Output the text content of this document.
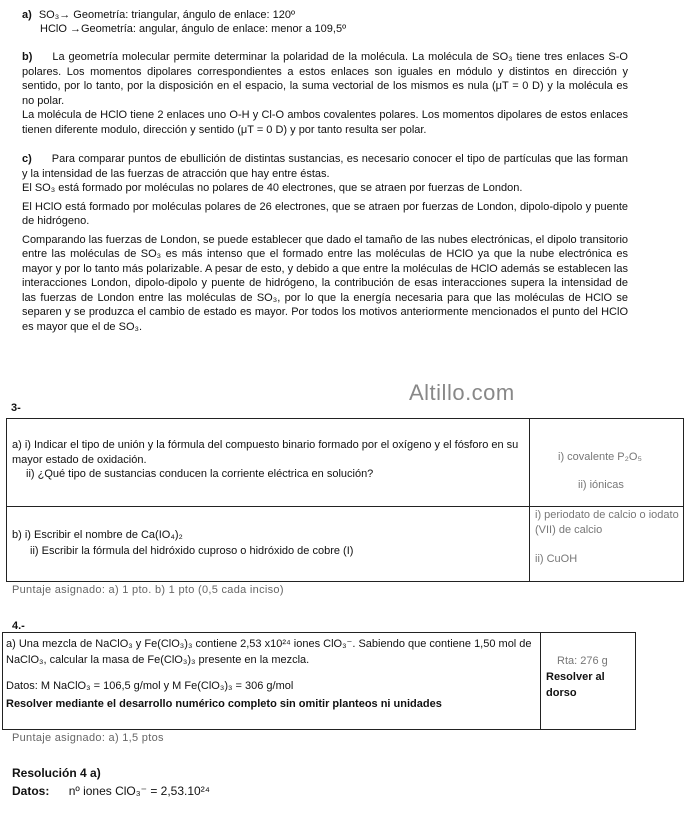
a) SO₃→ Geometría: triangular, ángulo de enlace: 120º
HClO →Geometría: angular, ángulo de enlace: menor a 109,5º
b) La geometría molecular permite determinar la polaridad de la molécula. La molécula de SO₃ tiene tres enlaces S-O polares. Los momentos dipolares correspondientes a estos enlaces son iguales en módulo y distintos en dirección y sentido, por lo tanto, por la disposición en el espacio, la suma vectorial de los mismos es nula (μT = 0 D) y la molécula es no polar.
La molécula de HClO tiene 2 enlaces uno O-H y Cl-O ambos covalentes polares. Los momentos dipolares de estos enlaces tienen diferente modulo, dirección y sentido (μT = 0 D) y por tanto resulta ser polar.
c) Para comparar puntos de ebullición de distintas sustancias, es necesario conocer el tipo de partículas que las forman y la intensidad de las fuerzas de atracción que hay entre éstas.
El SO₃ está formado por moléculas no polares de 40 electrones, que se atraen por fuerzas de London.
El HClO está formado por moléculas polares de 26 electrones, que se atraen por fuerzas de London, dipolo-dipolo y puente de hidrógeno.
Comparando las fuerzas de London, se puede establecer que dado el tamaño de las nubes electrónicas, el dipolo transitorio entre las moléculas de SO₃ es más intenso que el formado entre las moléculas de HClO ya que la nube electrónica es mayor y por lo tanto más polarizable. A pesar de esto, y debido a que entre la moléculas de HClO además se establecen las interacciones London, dipolo-dipolo y puente de hidrógeno, la contribución de esas interacciones supera la intensidad de las fuerzas de London entre las moléculas de SO₃, por lo que la energía necesaria para que las moléculas de HClO se separen y se produzca el cambio de estado es mayor. Por todos los motivos anteriormente mencionados el punto del HClO es mayor que el de SO₃.
Altillo.com
3-
a) i) Indicar el tipo de unión y la fórmula del compuesto binario formado por el oxígeno y el fósforo en su mayor estado de oxidación.
ii) ¿Qué tipo de sustancias conducen la corriente eléctrica en solución?
i) covalente P₂O₅
ii) iónicas
b) i) Escribir el nombre de Ca(IO₄)₂
ii) Escribir la fórmula del hidróxido cuproso o hidróxido de cobre (I)
i) periodato de calcio o iodato (VII) de calcio
ii) CuOH
Puntaje asignado: a) 1 pto. b) 1 pto (0,5 cada inciso)
4.-
a) Una mezcla de NaClO₃ y Fe(ClO₃)₃ contiene 2,53 x10²⁴ iones ClO₃⁻. Sabiendo que contiene 1,50 mol de NaClO₃, calcular la masa de Fe(ClO₃)₃ presente en la mezcla.
Datos: M NaClO₃ = 106,5 g/mol y M Fe(ClO₃)₃ = 306 g/mol
Resolver mediante el desarrollo numérico completo sin omitir planteos ni unidades
Rta: 276 g
Resolver al dorso
Puntaje asignado: a) 1,5 ptos
Resolución 4 a)
Datos: nº iones ClO₃⁻ = 2,53.10²⁴
